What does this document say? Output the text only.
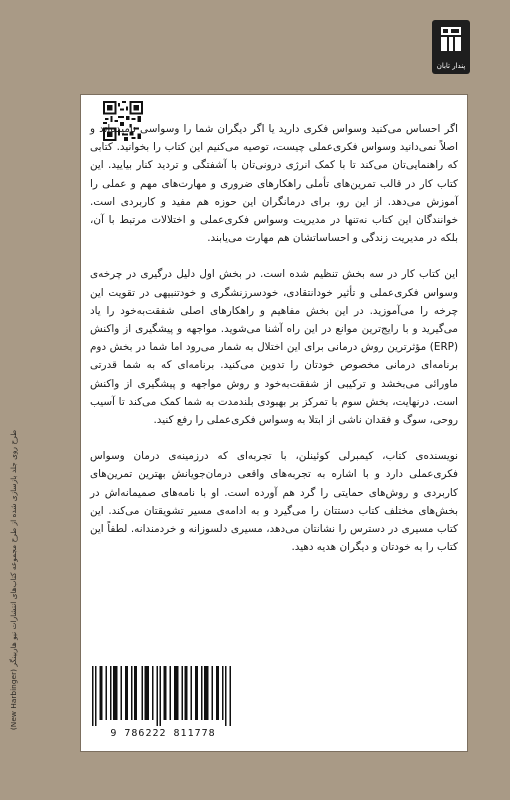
پندار تابان

اگر احساس می‌کنید وسواس فکری دارید یا اگر دیگران شما را وسواسی نامیده‌اند و اصلاً نمی‌دانید وسواس فکری‌عملی چیست، توصیه می‌کنیم این کتاب را بخوانید. کتابی که راهنمایی‌تان می‌کند تا با کمک انرژی درونی‌تان با آشفتگی و تردید کنار بیایید. این کتاب کار در قالب تمرین‌های تأملی راهکارهای ضروری و مهارت‌های مهم و عملی را آموزش می‌دهد. از این رو، برای درمانگران این حوزه هم مفید و کاربردی است. خوانندگان این کتاب نه‌تنها در مدیریت وسواس فکری‌عملی و اختلالات مرتبط با آن، بلکه در مدیریت زندگی و احساساتشان هم مهارت می‌یابند.

این کتاب کار در سه بخش تنظیم شده است. در بخش اول دلیل درگیری در چرخه‌ی وسواس فکری‌عملی و تأثیر خودانتقادی، خودسرزنشگری و خودتنبیهی در تقویت این چرخه را می‌آموزید. در این بخش مفاهیم و راهکارهای اصلی شفقت‌به‌خود را یاد می‌گیرید و با رایج‌ترین موانع در این راه آشنا می‌شوید. مواجهه و پیشگیری از واکنش (ERP) مؤثرترین روش درمانی برای این اختلال به شمار می‌رود اما شما در بخش دوم برنامه‌ای درمانی مخصوص خودتان را تدوین می‌کنید. برنامه‌ای که به شما قدرتی ماورائی می‌بخشد و ترکیبی از شفقت‌به‌خود و روش مواجهه و پیشگیری از واکنش است. درنهایت، بخش سوم با تمرکز بر بهبودی بلندمدت به شما کمک می‌کند تا آسیب روحی، سوگ و فقدان ناشی از ابتلا به وسواس فکری‌عملی را رفع کنید.

نویسنده‌ی کتاب، کیمبرلی کوئینلن، با تجربه‌ای که درزمینه‌ی درمان وسواس فکری‌عملی دارد و با اشاره به تجربه‌های واقعی درمان‌جویانش بهترین تمرین‌های کاربردی و روش‌های حمایتی را گرد هم آورده است. او با نامه‌های صمیمانه‌اش در بخش‌های مختلف کتاب دستتان را می‌گیرد و به ادامه‌ی مسیر تشویقتان می‌کند. این کتاب مسیری در دسترس را نشانتان می‌دهد، مسیری دلسوزانه و خردمندانه. لطفاً این کتاب را به خودتان و دیگران هدیه دهید.

9 786222 811778
طرح روی جلد بازسازی شده از طرح مجموعه کتاب‌های انتشارات نیو هاربینگر (New Harbinger)
